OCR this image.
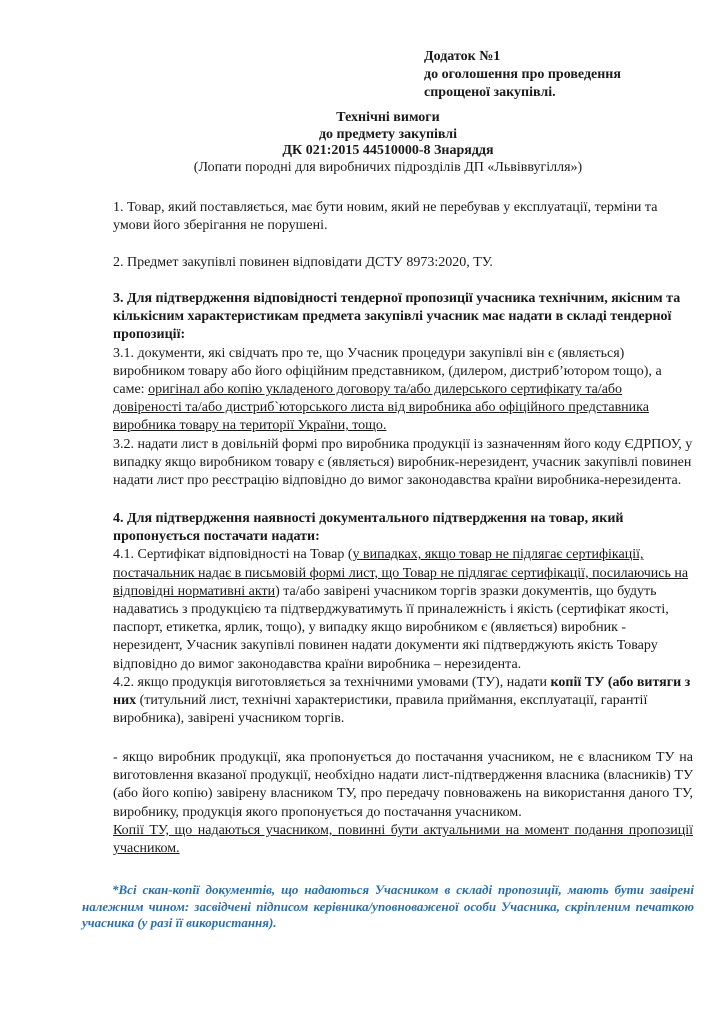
Додаток №1
до оголошення про проведення
спрощеної закупівлі.
Технічні вимоги
до предмету закупівлі
ДК 021:2015 44510000-8 Знаряддя
(Лопати породні для виробничих підрозділів ДП «Львіввугілля»)

1. Товар, який поставляється, має бути новим, який не перебував у експлуатації, терміни та умови його зберігання не порушені.

2. Предмет закупівлі повинен відповідати ДСТУ 8973:2020, ТУ.

3. Для підтвердження відповідності тендерної пропозиції учасника технічним, якісним та кількісним характеристикам предмета закупівлі учасник має надати в складі тендерної пропозиції:

3.1. документи, які свідчать про те, що Учасник процедури закупівлі він є (являється) виробником товару або його офіційним представником, (дилером, дистриб’ютором тощо), а саме: оригінал або копію укладеного договору та/або дилерського сертифікату та/або довіреності та/або дистриб`юторського листа від виробника або офіційного представника виробника товару на території України, тощо.

3.2. надати лист в довільній формі про виробника продукції із зазначенням його коду ЄДРПОУ, у випадку якщо виробником товару є (являється) виробник-нерезидент, учасник закупівлі повинен надати лист про реєстрацію відповідно до вимог законодавства країни виробника-нерезидента.

4. Для підтвердження наявності документального підтвердження на товар, який пропонується постачати надати:

4.1. Сертифікат відповідності на Товар (у випадках, якщо товар не підлягає сертифікації, постачальник надає в письмовій формі лист, що Товар не підлягає сертифікації, посилаючись на відповідні нормативні акти) та/або завірені учасником торгів зразки документів, що будуть надаватись з продукцією та підтверджуватимуть її приналежність і якість (сертифікат якості, паспорт, етикетка, ярлик, тощо), у випадку якщо виробником є (являється) виробник - нерезидент, Учасник закупівлі повинен надати документи які підтверджують якість Товару відповідно до вимог законодавства країни виробника – нерезидента.

4.2. якщо продукція виготовляється за технічними умовами (ТУ), надати копії ТУ (або витяги з них (титульний лист, технічні характеристики, правила приймання, експлуатації, гарантії виробника), завірені учасником торгів.

- якщо виробник продукції, яка пропонується до постачання учасником, не є власником ТУ на виготовлення вказаної продукції, необхідно надати лист-підтвердження власника (власників) ТУ (або його копію) завірену власником ТУ, про передачу повноважень на використання даного ТУ, виробнику, продукція якого пропонується до постачання учасником.

Копії ТУ, що надаються учасником, повинні бути актуальними на момент подання пропозиції учасником.

*Всі скан-копії документів, що надаються Учасником в складі пропозиції, мають бути завірені належним чином: засвідчені підписом керівника/уповноваженої особи Учасника, скріпленим печаткою учасника (у разі її використання).
